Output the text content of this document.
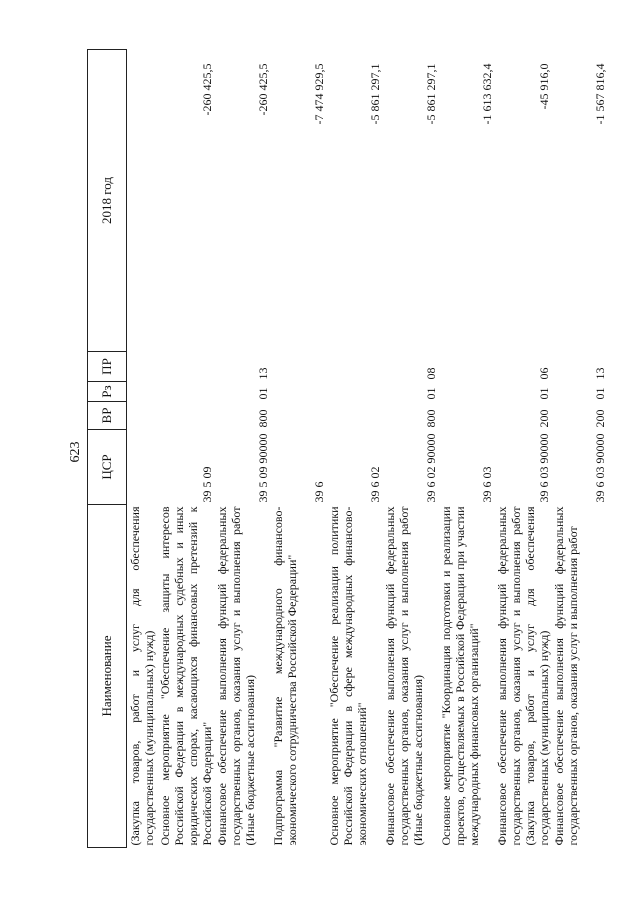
623
Наименование	ЦСР	ВР	Рз	ПР	2018 год
(Закупка товаров, работ и услуг для обеспечения государственных (муниципальных) нужд)					
Основное мероприятие "Обеспечение защиты интересов Российской Федерации в международных судебных и иных юридических спорах, касающихся финансовых претензий к Российской Федерации"	39 5 09				-260 425,5
Финансовое обеспечение выполнения функций федеральных государственных органов, оказания услуг и выполнения работ (Иные бюджетные ассигнования)	39 5 09 90000	800	01	13	-260 425,5
Подпрограмма "Развитие международного финансово-экономического сотрудничества Российской Федерации"	39 6				-7 474 929,5
Основное мероприятие "Обеспечение реализации политики Российской Федерации в сфере международных финансово-экономических отношений"	39 6 02				-5 861 297,1
Финансовое обеспечение выполнения функций федеральных государственных органов, оказания услуг и выполнения работ (Иные бюджетные ассигнования)	39 6 02 90000	800	01	08	-5 861 297,1
Основное мероприятие "Координация подготовки и реализации проектов, осуществляемых в Российской Федерации при участии международных финансовых организаций"	39 6 03				-1 613 632,4
Финансовое обеспечение выполнения функций федеральных государственных органов, оказания услуг и выполнения работ (Закупка товаров, работ и услуг для обеспечения государственных (муниципальных) нужд)	39 6 03 90000	200	01	06	-45 916,0
Финансовое обеспечение выполнения функций федеральных государственных органов, оказания услуг и выполнения работ	39 6 03 90000	200	01	13	-1 567 816,4
